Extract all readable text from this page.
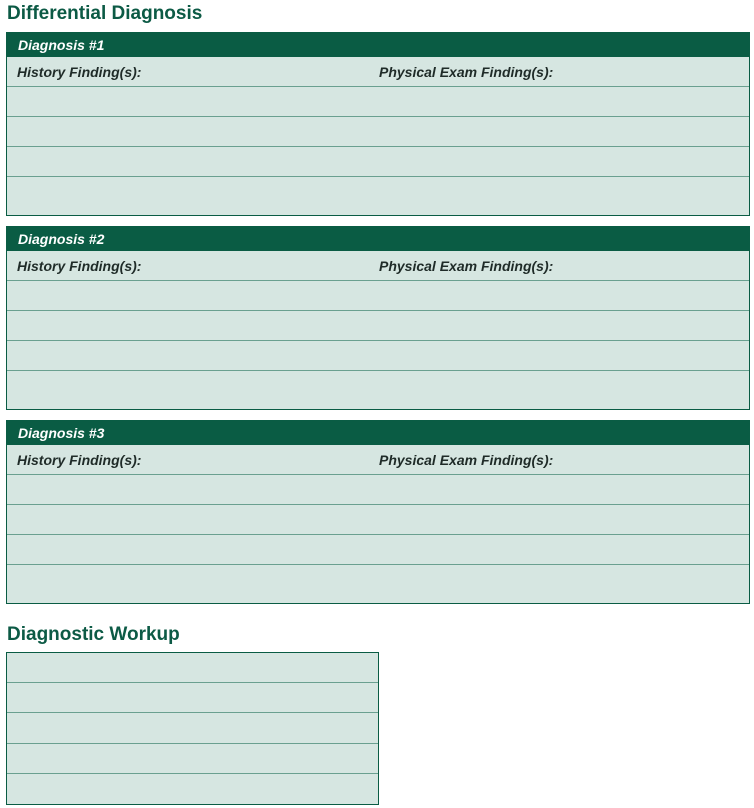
Differential Diagnosis
Diagnosis #1
History Finding(s):	Physical Exam Finding(s):
Diagnosis #2
History Finding(s):	Physical Exam Finding(s):
Diagnosis #3
History Finding(s):	Physical Exam Finding(s):
Diagnostic Workup
